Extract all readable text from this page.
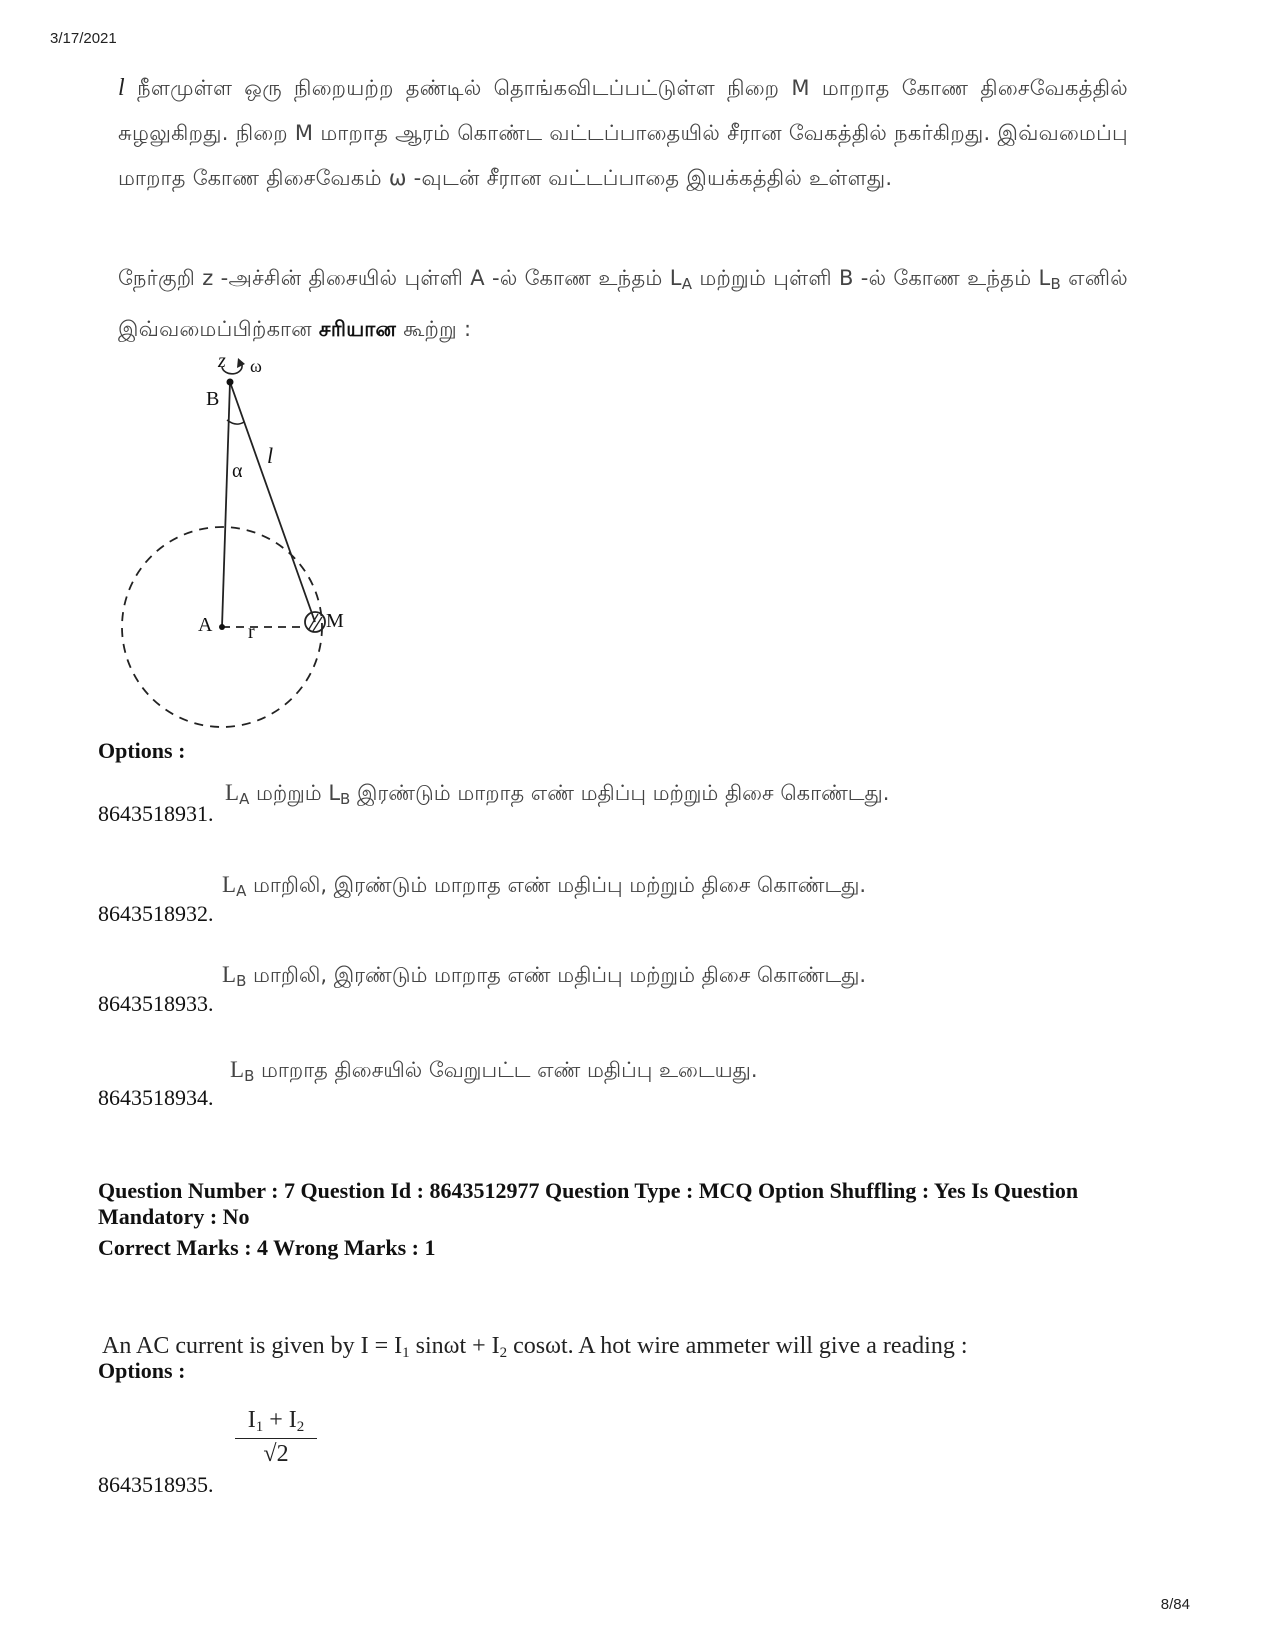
3/17/2021
l நீளமுள்ள ஒரு நிறையற்ற தண்டில் தொங்கவிடப்பட்டுள்ள நிறை M மாறாத கோண திசைவேகத்தில் சுழலுகிறது. நிறை M மாறாத ஆரம் கொண்ட வட்டப்பாதையில் சீரான வேகத்தில் நகர்கிறது. இவ்வமைப்பு மாறாத கோண திசைவேகம் ω -வுடன் சீரான வட்டப்பாதை இயக்கத்தில் உள்ளது.
நேர்குறி z -அச்சின் திசையில் புள்ளி A -ல் கோண உந்தம் $L_A$ மற்றும் புள்ளி B -ல் கோண உந்தம் $L_B$ எனில் இவ்வமைப்பிற்கான சரியான கூற்று :
z ω
B
α
l
A r	M
Options :
8643518931.
$L_A$ மற்றும் $L_B$ இரண்டும் மாறாத எண் மதிப்பு மற்றும் திசை கொண்டது.
8643518932.
$L_A$ மாறிலி, இரண்டும் மாறாத எண் மதிப்பு மற்றும் திசை கொண்டது.
8643518933.
$L_B$ மாறிலி, இரண்டும் மாறாத எண் மதிப்பு மற்றும் திசை கொண்டது.
8643518934.
$L_B$ மாறாத திசையில் வேறுபட்ட எண் மதிப்பு உடையது.
Question Number : 7 Question Id : 8643512977 Question Type : MCQ Option Shuffling : Yes Is Question
Mandatory : No
Correct Marks : 4 Wrong Marks : 1
An AC current is given by $I = I_1$ $\sin\omega t + I_2$ cosωt. A hot wire ammeter will give a reading :
Options :
8643518935.
$\frac{I_1 + I_2}{√2}$
8/84
